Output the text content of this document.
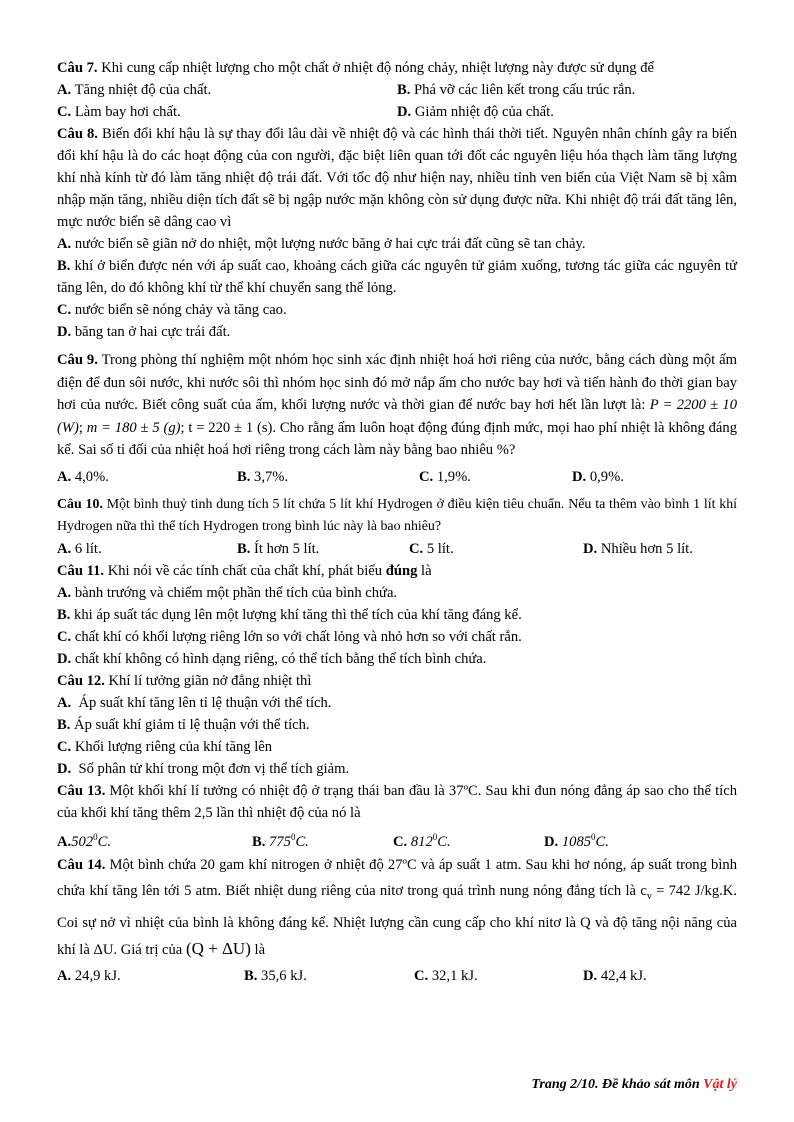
Câu 7. Khi cung cấp nhiệt lượng cho một chất ở nhiệt độ nóng chảy, nhiệt lượng này được sử dụng để

A. Tăng nhiệt độ của chất.	B. Phá vỡ các liên kết trong cấu trúc rắn.
C. Làm bay hơi chất.	D. Giảm nhiệt độ của chất.

Câu 8. Biến đổi khí hậu là sự thay đổi lâu dài về nhiệt độ và các hình thái thời tiết. Nguyên nhân chính gây ra biến đổi khí hậu là do các hoạt động của con người, đặc biệt liên quan tới đốt các nguyên liệu hóa thạch làm tăng lượng khí nhà kính từ đó làm tăng nhiệt độ trái đất. Với tốc độ như hiện nay, nhiều tỉnh ven biển của Việt Nam sẽ bị xâm nhập mặn tăng, nhiều diện tích đất sẽ bị ngập nước mặn không còn sử dụng được nữa. Khi nhiệt độ trái đất tăng lên, mực nước biển sẽ dâng cao vì

A. nước biển sẽ giãn nở do nhiệt, một lượng nước băng ở hai cực trái đất cũng sẽ tan chảy.

B. khí ở biển được nén với áp suất cao, khoảng cách giữa các nguyên tử giảm xuống, tương tác giữa các nguyên tử tăng lên, do đó không khí từ thể khí chuyển sang thể lỏng.

C. nước biển sẽ nóng chảy và tăng cao.

D. băng tan ở hai cực trái đất.

Câu 9. Trong phòng thí nghiệm một nhóm học sinh xác định nhiệt hoá hơi riêng của nước, bằng cách dùng một ấm điện để đun sôi nước, khi nước sôi thì nhóm học sinh đó mở nắp ấm cho nước bay hơi và tiến hành đo thời gian bay hơi của nước. Biết công suất của ấm, khối lượng nước và thời gian để nước bay hơi hết lần lượt là: P = 2200 ± 10 (W); m = 180 ± 5 (g); t = 220 ± 1 (s). Cho rằng ấm luôn hoạt động đúng định mức, mọi hao phí nhiệt là không đáng kể. Sai số tỉ đối của nhiệt hoá hơi riêng trong cách làm này bằng bao nhiêu %?

A. 4,0%.	B. 3,7%.	C. 1,9%.	D. 0,9%.

Câu 10. Một bình thuỷ tinh dung tích 5 lít chứa 5 lít khí Hydrogen ở điều kiện tiêu chuẩn. Nếu ta thêm vào bình 1 lít khí Hydrogen nữa thì thể tích Hydrogen trong bình lúc này là bao nhiêu?

A. 6 lít.	B. Ít hơn 5 lít.	C. 5 lít.	D. Nhiều hơn 5 lít.

Câu 11. Khi nói về các tính chất của chất khí, phát biểu đúng là

A. bành trướng và chiếm một phần thể tích của bình chứa.

B. khi áp suất tác dụng lên một lượng khí tăng thì thể tích của khí tăng đáng kể.

C. chất khí có khối lượng riêng lớn so với chất lỏng và nhỏ hơn so với chất rắn.

D. chất khí không có hình dạng riêng, có thể tích bằng thể tích bình chứa.

Câu 12. Khí lí tưởng giãn nở đẳng nhiệt thì

A. Áp suất khí tăng lên tỉ lệ thuận với thể tích.

B. Áp suất khí giảm tỉ lệ thuận với thể tích.

C. Khối lượng riêng của khí tăng lên

D. Số phân tử khí trong một đơn vị thể tích giảm.

Câu 13. Một khối khí lí tưởng có nhiệt độ ở trạng thái ban đầu là 37ºC. Sau khi đun nóng đẳng áp sao cho thể tích của khối khí tăng thêm 2,5 lần thì nhiệt độ của nó là

A.502$^0$C.	B. $775^0C$.	C. $812^0C$.	D. 1085$^0$C.

Câu 14. Một bình chứa 20 gam khí nitrogen ở nhiệt độ 27ºC và áp suất 1 atm. Sau khi hơ nóng, áp suất trong bình chứa khí tăng lên tới 5 atm. Biết nhiệt dung riêng của nitơ trong quá trình nung nóng đẳng tích là $c_v = 742$ J/kg.K. Coi sự nở vì nhiệt của bình là không đáng kể. Nhiệt lượng cần cung cấp cho khí nitơ là Q và độ tăng nội năng của khí là ΔU. Giá trị của (Q + ΔU) là

A. 24,9 kJ.	B. 35,6 kJ.	C. 32,1 kJ.	D. 42,4 kJ.
Trang 2/10. Đề khảo sát môn Vật lý
